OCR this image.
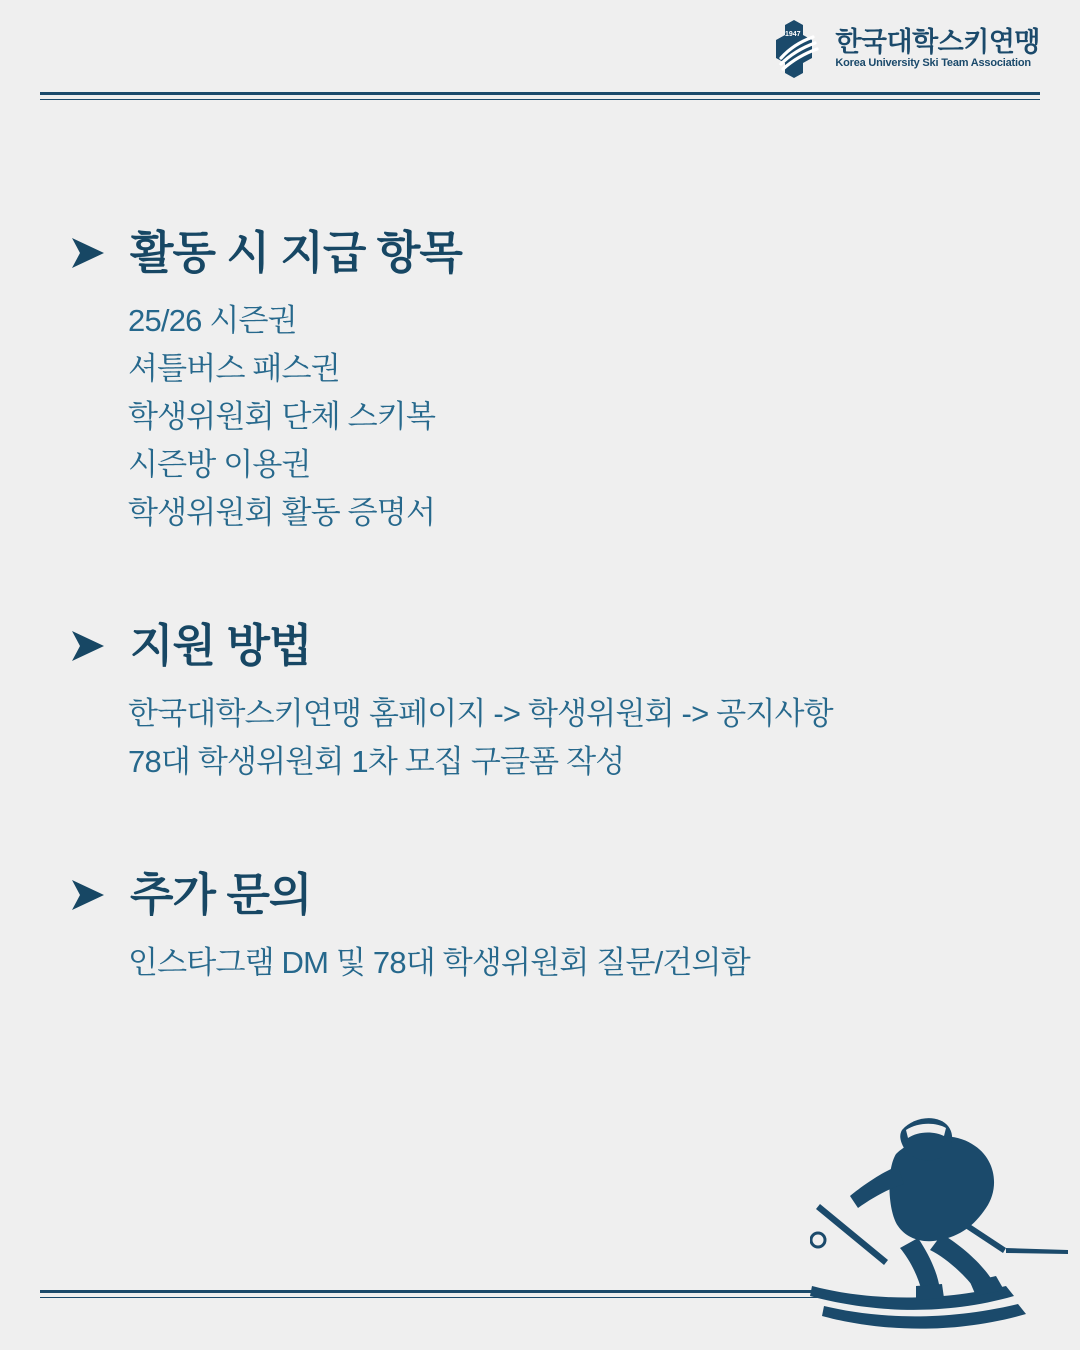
1947 한국대학스키연맹
Korea University Ski Team Association
활동 시 지급 항목
25/26 시즌권
셔틀버스 패스권
학생위원회 단체 스키복
시즌방 이용권
학생위원회 활동 증명서
지원 방법
한국대학스키연맹 홈페이지 -> 학생위원회 -> 공지사항
78대 학생위원회 1차 모집 구글폼 작성
추가 문의
인스타그램 DM 및 78대 학생위원회 질문/건의함
